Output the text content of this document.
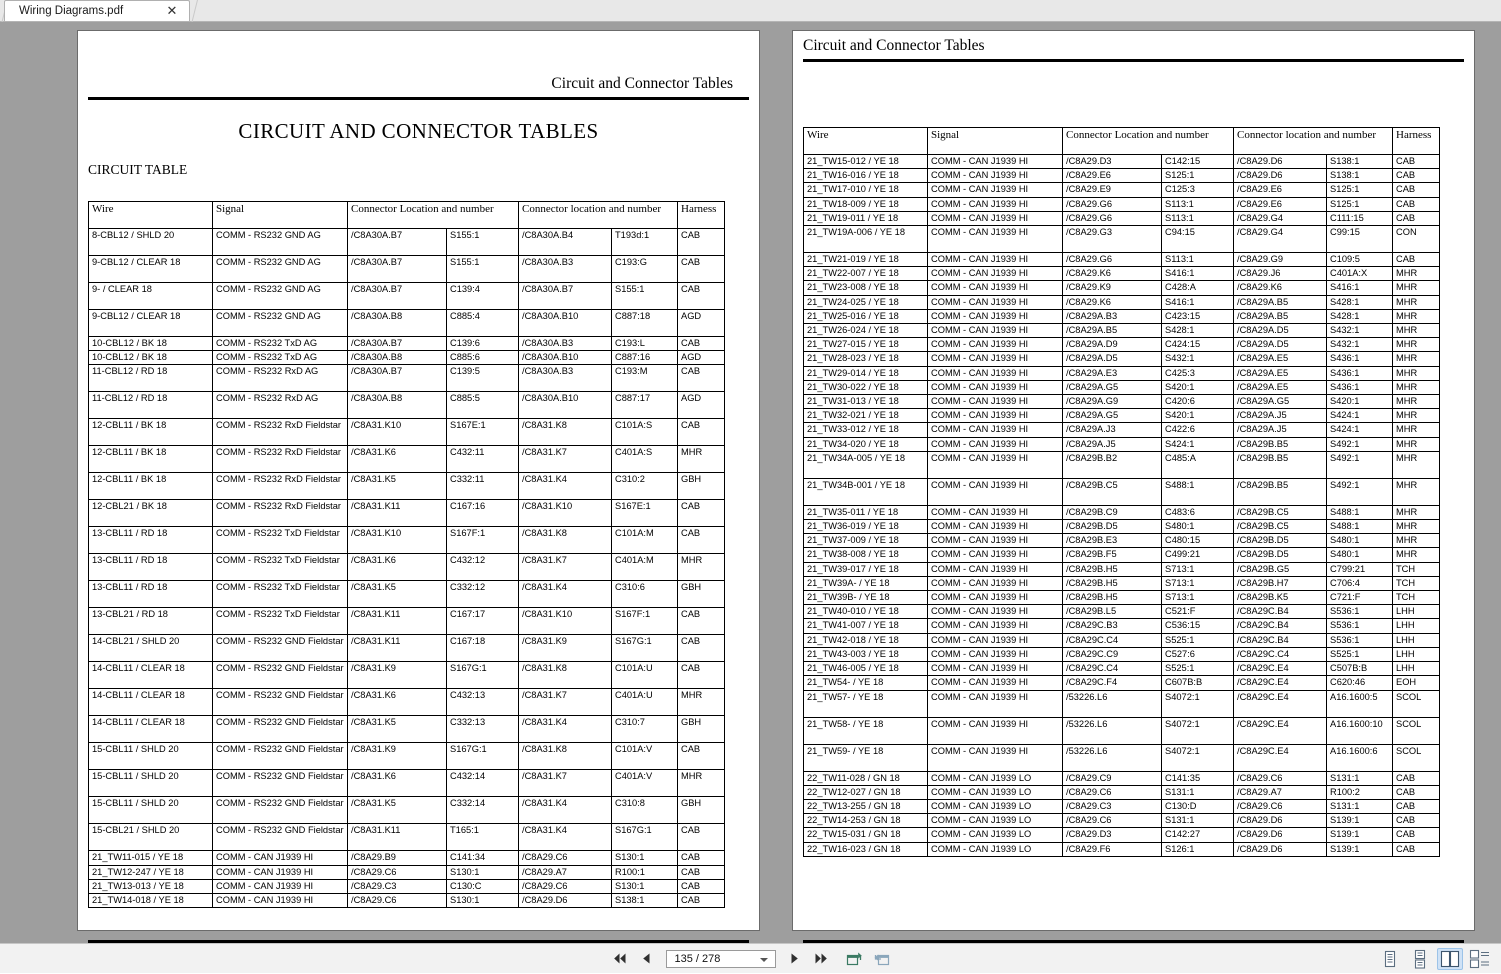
Wiring Diagrams.pdf	✕
Circuit and Connector Tables
CIRCUIT AND CONNECTOR TABLES
CIRCUIT TABLE
Wire	Signal	Connector Location and number		Connector location and number		Harness
8-CBL12 / SHLD 20	COMM - RS232 GND AG	/C8A30A.B7	S155:1	/C8A30A.B4	T193d:1	CAB
9-CBL12 / CLEAR 18	COMM - RS232 GND AG	/C8A30A.B7	S155:1	/C8A30A.B3	C193:G	CAB
9- / CLEAR 18	COMM - RS232 GND AG	/C8A30A.B7	C139:4	/C8A30A.B7	S155:1	CAB
9-CBL12 / CLEAR 18	COMM - RS232 GND AG	/C8A30A.B8	C885:4	/C8A30A.B10	C887:18	AGD
10-CBL12 / BK 18	COMM - RS232 TxD AG	/C8A30A.B7	C139:6	/C8A30A.B3	C193:L	CAB
10-CBL12 / BK 18	COMM - RS232 TxD AG	/C8A30A.B8	C885:6	/C8A30A.B10	C887:16	AGD
11-CBL12 / RD 18	COMM - RS232 RxD AG	/C8A30A.B7	C139:5	/C8A30A.B3	C193:M	CAB
11-CBL12 / RD 18	COMM - RS232 RxD AG	/C8A30A.B8	C885:5	/C8A30A.B10	C887:17	AGD
12-CBL11 / BK 18	COMM - RS232 RxD Fieldstar	/C8A31.K10	S167E:1	/C8A31.K8	C101A:S	CAB
12-CBL11 / BK 18	COMM - RS232 RxD Fieldstar	/C8A31.K6	C432:11	/C8A31.K7	C401A:S	MHR
12-CBL11 / BK 18	COMM - RS232 RxD Fieldstar	/C8A31.K5	C332:11	/C8A31.K4	C310:2	GBH
12-CBL21 / BK 18	COMM - RS232 RxD Fieldstar	/C8A31.K11	C167:16	/C8A31.K10	S167E:1	CAB
13-CBL11 / RD 18	COMM - RS232 TxD Fieldstar	/C8A31.K10	S167F:1	/C8A31.K8	C101A:M	CAB
13-CBL11 / RD 18	COMM - RS232 TxD Fieldstar	/C8A31.K6	C432:12	/C8A31.K7	C401A:M	MHR
13-CBL11 / RD 18	COMM - RS232 TxD Fieldstar	/C8A31.K5	C332:12	/C8A31.K4	C310:6	GBH
13-CBL21 / RD 18	COMM - RS232 TxD Fieldstar	/C8A31.K11	C167:17	/C8A31.K10	S167F:1	CAB
14-CBL21 / SHLD 20	COMM - RS232 GND Fieldstar	/C8A31.K11	C167:18	/C8A31.K9	S167G:1	CAB
14-CBL11 / CLEAR 18	COMM - RS232 GND Fieldstar	/C8A31.K9	S167G:1	/C8A31.K8	C101A:U	CAB
14-CBL11 / CLEAR 18	COMM - RS232 GND Fieldstar	/C8A31.K6	C432:13	/C8A31.K7	C401A:U	MHR
14-CBL11 / CLEAR 18	COMM - RS232 GND Fieldstar	/C8A31.K5	C332:13	/C8A31.K4	C310:7	GBH
15-CBL11 / SHLD 20	COMM - RS232 GND Fieldstar	/C8A31.K9	S167G:1	/C8A31.K8	C101A:V	CAB
15-CBL11 / SHLD 20	COMM - RS232 GND Fieldstar	/C8A31.K6	C432:14	/C8A31.K7	C401A:V	MHR
15-CBL11 / SHLD 20	COMM - RS232 GND Fieldstar	/C8A31.K5	C332:14	/C8A31.K4	C310:8	GBH
15-CBL21 / SHLD 20	COMM - RS232 GND Fieldstar	/C8A31.K11	T165:1	/C8A31.K4	S167G:1	CAB
21_TW11-015 / YE 18	COMM - CAN J1939 HI	/C8A29.B9	C141:34	/C8A29.C6	S130:1	CAB
21_TW12-247 / YE 18	COMM - CAN J1939 HI	/C8A29.C6	S130:1	/C8A29.A7	R100:1	CAB
21_TW13-013 / YE 18	COMM - CAN J1939 HI	/C8A29.C3	C130:C	/C8A29.C6	S130:1	CAB
21_TW14-018 / YE 18	COMM - CAN J1939 HI	/C8A29.C6	S130:1	/C8A29.D6	S138:1	CAB
Circuit and Connector Tables
Wire	Signal	Connector Location and number		Connector location and number		Harness
21_TW15-012 / YE 18	COMM - CAN J1939 HI	/C8A29.D3	C142:15	/C8A29.D6	S138:1	CAB
21_TW16-016 / YE 18	COMM - CAN J1939 HI	/C8A29.E6	S125:1	/C8A29.D6	S138:1	CAB
21_TW17-010 / YE 18	COMM - CAN J1939 HI	/C8A29.E9	C125:3	/C8A29.E6	S125:1	CAB
21_TW18-009 / YE 18	COMM - CAN J1939 HI	/C8A29.G6	S113:1	/C8A29.E6	S125:1	CAB
21_TW19-011 / YE 18	COMM - CAN J1939 HI	/C8A29.G6	S113:1	/C8A29.G4	C111:15	CAB
21_TW19A-006 / YE 18	COMM - CAN J1939 HI	/C8A29.G3	C94:15	/C8A29.G4	C99:15	CON
21_TW21-019 / YE 18	COMM - CAN J1939 HI	/C8A29.G6	S113:1	/C8A29.G9	C109:5	CAB
21_TW22-007 / YE 18	COMM - CAN J1939 HI	/C8A29.K6	S416:1	/C8A29.J6	C401A:X	MHR
21_TW23-008 / YE 18	COMM - CAN J1939 HI	/C8A29.K9	C428:A	/C8A29.K6	S416:1	MHR
21_TW24-025 / YE 18	COMM - CAN J1939 HI	/C8A29.K6	S416:1	/C8A29A.B5	S428:1	MHR
21_TW25-016 / YE 18	COMM - CAN J1939 HI	/C8A29A.B3	C423:15	/C8A29A.B5	S428:1	MHR
21_TW26-024 / YE 18	COMM - CAN J1939 HI	/C8A29A.B5	S428:1	/C8A29A.D5	S432:1	MHR
21_TW27-015 / YE 18	COMM - CAN J1939 HI	/C8A29A.D9	C424:15	/C8A29A.D5	S432:1	MHR
21_TW28-023 / YE 18	COMM - CAN J1939 HI	/C8A29A.D5	S432:1	/C8A29A.E5	S436:1	MHR
21_TW29-014 / YE 18	COMM - CAN J1939 HI	/C8A29A.E3	C425:3	/C8A29A.E5	S436:1	MHR
21_TW30-022 / YE 18	COMM - CAN J1939 HI	/C8A29A.G5	S420:1	/C8A29A.E5	S436:1	MHR
21_TW31-013 / YE 18	COMM - CAN J1939 HI	/C8A29A.G9	C420:6	/C8A29A.G5	S420:1	MHR
21_TW32-021 / YE 18	COMM - CAN J1939 HI	/C8A29A.G5	S420:1	/C8A29A.J5	S424:1	MHR
21_TW33-012 / YE 18	COMM - CAN J1939 HI	/C8A29A.J3	C422:6	/C8A29A.J5	S424:1	MHR
21_TW34-020 / YE 18	COMM - CAN J1939 HI	/C8A29A.J5	S424:1	/C8A29B.B5	S492:1	MHR
21_TW34A-005 / YE 18	COMM - CAN J1939 HI	/C8A29B.B2	C485:A	/C8A29B.B5	S492:1	MHR
21_TW34B-001 / YE 18	COMM - CAN J1939 HI	/C8A29B.C5	S488:1	/C8A29B.B5	S492:1	MHR
21_TW35-011 / YE 18	COMM - CAN J1939 HI	/C8A29B.C9	C483:6	/C8A29B.C5	S488:1	MHR
21_TW36-019 / YE 18	COMM - CAN J1939 HI	/C8A29B.D5	S480:1	/C8A29B.C5	S488:1	MHR
21_TW37-009 / YE 18	COMM - CAN J1939 HI	/C8A29B.E3	C480:15	/C8A29B.D5	S480:1	MHR
21_TW38-008 / YE 18	COMM - CAN J1939 HI	/C8A29B.F5	C499:21	/C8A29B.D5	S480:1	MHR
21_TW39-017 / YE 18	COMM - CAN J1939 HI	/C8A29B.H5	S713:1	/C8A29B.G5	C799:21	TCH
21_TW39A- / YE 18	COMM - CAN J1939 HI	/C8A29B.H5	S713:1	/C8A29B.H7	C706:4	TCH
21_TW39B- / YE 18	COMM - CAN J1939 HI	/C8A29B.H5	S713:1	/C8A29B.K5	C721:F	TCH
21_TW40-010 / YE 18	COMM - CAN J1939 HI	/C8A29B.L5	C521:F	/C8A29C.B4	S536:1	LHH
21_TW41-007 / YE 18	COMM - CAN J1939 HI	/C8A29C.B3	C536:15	/C8A29C.B4	S536:1	LHH
21_TW42-018 / YE 18	COMM - CAN J1939 HI	/C8A29C.C4	S525:1	/C8A29C.B4	S536:1	LHH
21_TW43-003 / YE 18	COMM - CAN J1939 HI	/C8A29C.C9	C527:6	/C8A29C.C4	S525:1	LHH
21_TW46-005 / YE 18	COMM - CAN J1939 HI	/C8A29C.C4	S525:1	/C8A29C.E4	C507B:B	LHH
21_TW54- / YE 18	COMM - CAN J1939 HI	/C8A29C.F4	C607B:B	/C8A29C.E4	C620:46	EOH
21_TW57- / YE 18	COMM - CAN J1939 HI	/53226.L6	S4072:1	/C8A29C.E4	A16.1600:5	SCOL
21_TW58- / YE 18	COMM - CAN J1939 HI	/53226.L6	S4072:1	/C8A29C.E4	A16.1600:10	SCOL
21_TW59- / YE 18	COMM - CAN J1939 HI	/53226.L6	S4072:1	/C8A29C.E4	A16.1600:6	SCOL
22_TW11-028 / GN 18	COMM - CAN J1939 LO	/C8A29.C9	C141:35	/C8A29.C6	S131:1	CAB
22_TW12-027 / GN 18	COMM - CAN J1939 LO	/C8A29.C6	S131:1	/C8A29.A7	R100:2	CAB
22_TW13-255 / GN 18	COMM - CAN J1939 LO	/C8A29.C3	C130:D	/C8A29.C6	S131:1	CAB
22_TW14-253 / GN 18	COMM - CAN J1939 LO	/C8A29.C6	S131:1	/C8A29.D6	S139:1	CAB
22_TW15-031 / GN 18	COMM - CAN J1939 LO	/C8A29.D3	C142:27	/C8A29.D6	S139:1	CAB
22_TW16-023 / GN 18	COMM - CAN J1939 LO	/C8A29.F6	S126:1	/C8A29.D6	S139:1	CAB
135 / 278
